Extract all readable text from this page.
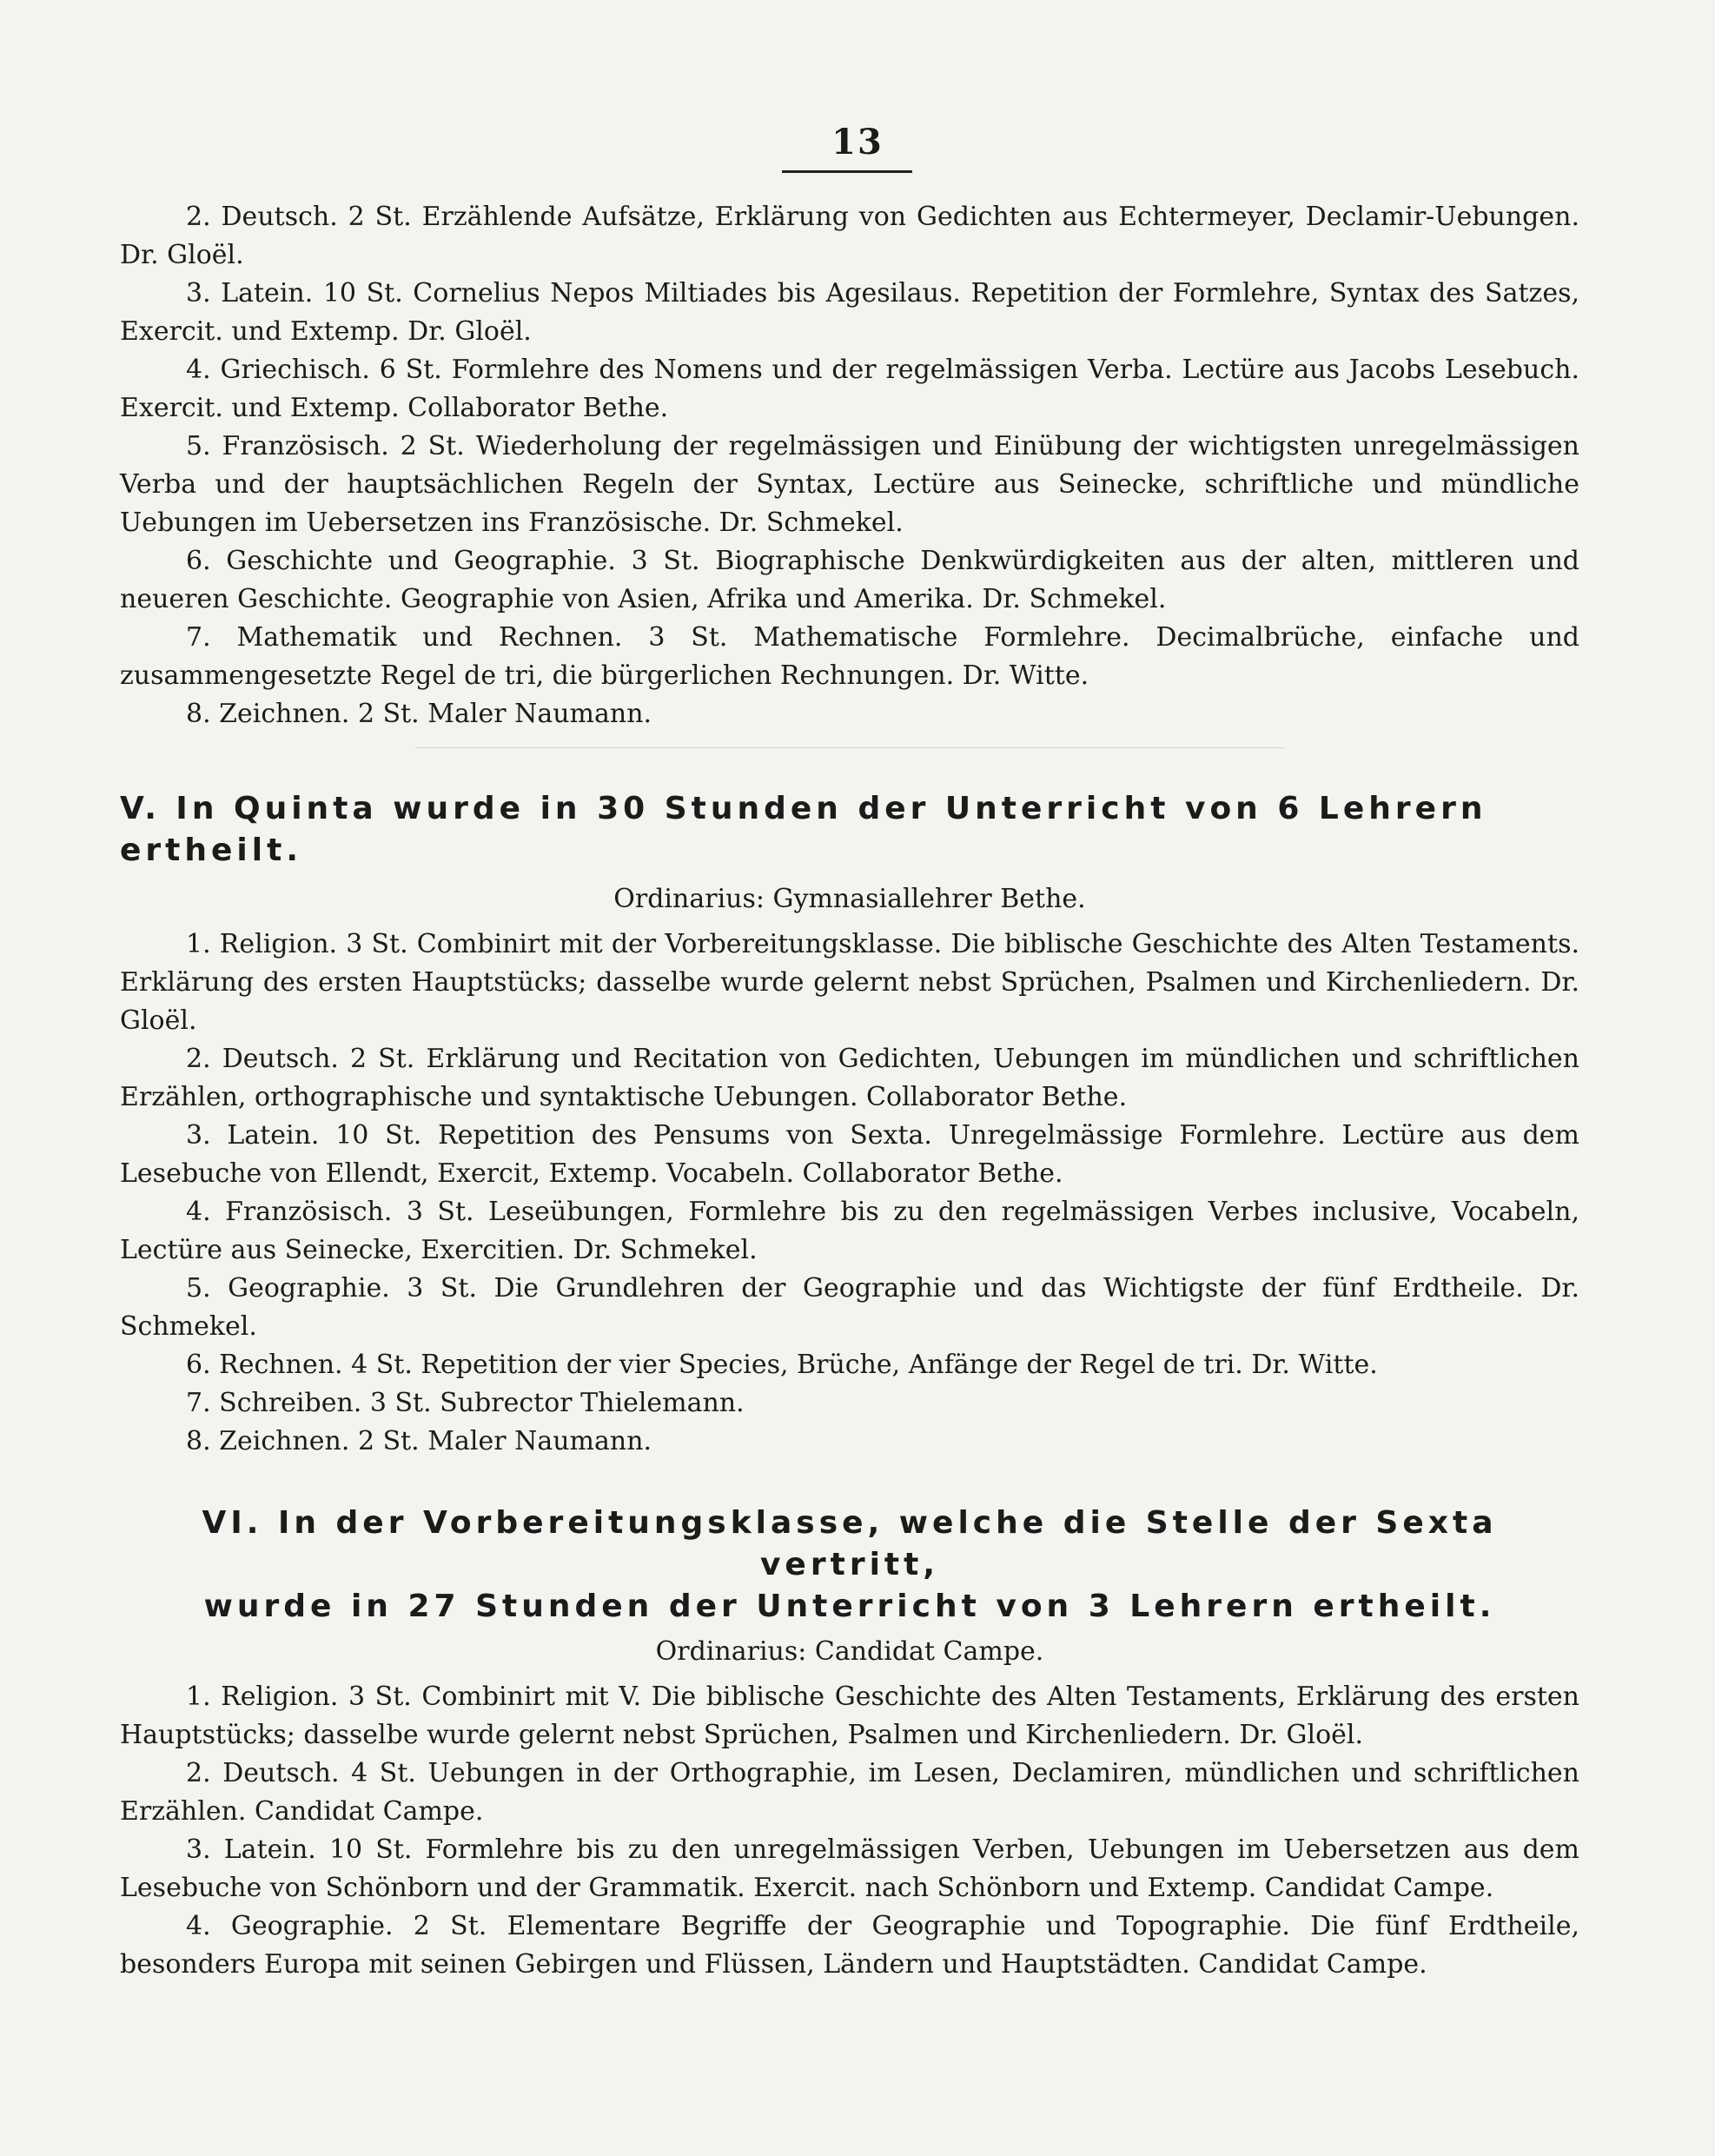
13

2. Deutsch. 2 St. Erzählende Aufsätze, Erklärung von Gedichten aus Echtermeyer, Declamir-Uebungen. Dr. Gloël.

3. Latein. 10 St. Cornelius Nepos Miltiades bis Agesilaus. Repetition der Formlehre, Syntax des Satzes, Exercit. und Extemp. Dr. Gloël.

4. Griechisch. 6 St. Formlehre des Nomens und der regelmässigen Verba. Lectüre aus Jacobs Lesebuch. Exercit. und Extemp. Collaborator Bethe.

5. Französisch. 2 St. Wiederholung der regelmässigen und Einübung der wichtigsten unregelmässigen Verba und der hauptsächlichen Regeln der Syntax, Lectüre aus Seinecke, schriftliche und mündliche Uebungen im Uebersetzen ins Französische. Dr. Schmekel.

6. Geschichte und Geographie. 3 St. Biographische Denkwürdigkeiten aus der alten, mittleren und neueren Geschichte. Geographie von Asien, Afrika und Amerika. Dr. Schmekel.

7. Mathematik und Rechnen. 3 St. Mathematische Formlehre. Decimalbrüche, einfache und zusammengesetzte Regel de tri, die bürgerlichen Rechnungen. Dr. Witte.

8. Zeichnen. 2 St. Maler Naumann.

V. In Quinta wurde in 30 Stunden der Unterricht von 6 Lehrern ertheilt.
Ordinarius: Gymnasiallehrer Bethe.

1. Religion. 3 St. Combinirt mit der Vorbereitungsklasse. Die biblische Geschichte des Alten Testaments. Erklärung des ersten Hauptstücks; dasselbe wurde gelernt nebst Sprüchen, Psalmen und Kirchenliedern. Dr. Gloël.

2. Deutsch. 2 St. Erklärung und Recitation von Gedichten, Uebungen im mündlichen und schriftlichen Erzählen, orthographische und syntaktische Uebungen. Collaborator Bethe.

3. Latein. 10 St. Repetition des Pensums von Sexta. Unregelmässige Formlehre. Lectüre aus dem Lesebuche von Ellendt, Exercit, Extemp. Vocabeln. Collaborator Bethe.

4. Französisch. 3 St. Leseübungen, Formlehre bis zu den regelmässigen Verbes inclusive, Vocabeln, Lectüre aus Seinecke, Exercitien. Dr. Schmekel.

5. Geographie. 3 St. Die Grundlehren der Geographie und das Wichtigste der fünf Erdtheile. Dr. Schmekel.

6. Rechnen. 4 St. Repetition der vier Species, Brüche, Anfänge der Regel de tri. Dr. Witte.

7. Schreiben. 3 St. Subrector Thielemann.

8. Zeichnen. 2 St. Maler Naumann.

VI. In der Vorbereitungsklasse, welche die Stelle der Sexta vertritt,
wurde in 27 Stunden der Unterricht von 3 Lehrern ertheilt.
Ordinarius: Candidat Campe.

1. Religion. 3 St. Combinirt mit V. Die biblische Geschichte des Alten Testaments, Erklärung des ersten Hauptstücks; dasselbe wurde gelernt nebst Sprüchen, Psalmen und Kirchenliedern. Dr. Gloël.

2. Deutsch. 4 St. Uebungen in der Orthographie, im Lesen, Declamiren, mündlichen und schriftlichen Erzählen. Candidat Campe.

3. Latein. 10 St. Formlehre bis zu den unregelmässigen Verben, Uebungen im Uebersetzen aus dem Lesebuche von Schönborn und der Grammatik. Exercit. nach Schönborn und Extemp. Candidat Campe.

4. Geographie. 2 St. Elementare Begriffe der Geographie und Topographie. Die fünf Erdtheile, besonders Europa mit seinen Gebirgen und Flüssen, Ländern und Hauptstädten. Candidat Campe.
